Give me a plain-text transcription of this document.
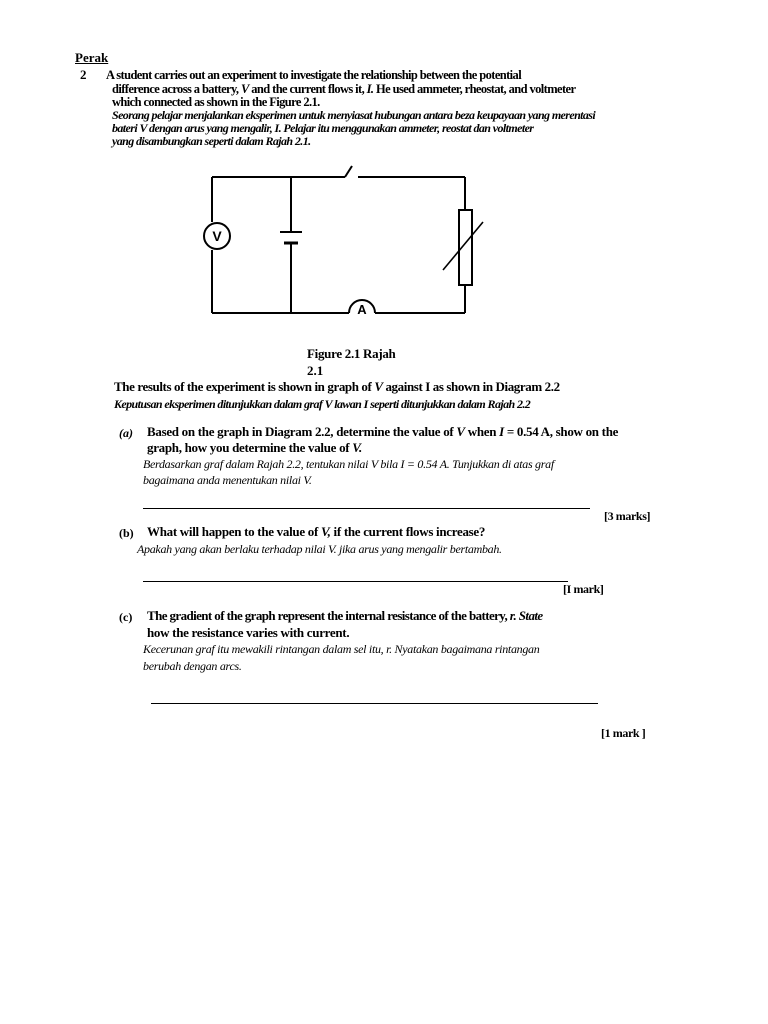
Perak
2 A student carries out an experiment to investigate the relationship between the potential
difference across a battery, V and the current flows it, I. He used ammeter, rheostat, and voltmeter
which connected as shown in the Figure 2.1.
Seorang pelajar menjalankan eksperimen untuk menyiasat hubungan antara beza keupayaan yang merentasi
bateri V dengan arus yang mengalir, I. Pelajar itu menggunakan ammeter, reostat dan voltmeter
yang disambungkan seperti dalam Rajah 2.1.
V
A
Figure 2.1 Rajah
2.1
The results of the experiment is shown in graph of V against I as shown in Diagram 2.2
Keputusan eksperimen ditunjukkan dalam graf V lawan I seperti ditunjukkan dalam Rajah 2.2
(a) Based on the graph in Diagram 2.2, determine the value of V when I = 0.54 A, show on the
graph, how you determine the value of V.
Berdasarkan graf dalam Rajah 2.2, tentukan nilai V bila I = 0.54 A. Tunjukkan di atas graf
bagaimana anda menentukan nilai V.
[3 marks]
(b) What will happen to the value of V, if the current flows increase?
Apakah yang akan berlaku terhadap nilai V. jika arus yang mengalir bertambah.
[I mark]
(c) The gradient of the graph represent the internal resistance of the battery, r. State
how the resistance varies with current.
Kecerunan graf itu mewakili rintangan dalam sel itu, r. Nyatakan bagaimana rintangan
berubah dengan arcs.
[1 mark ]
